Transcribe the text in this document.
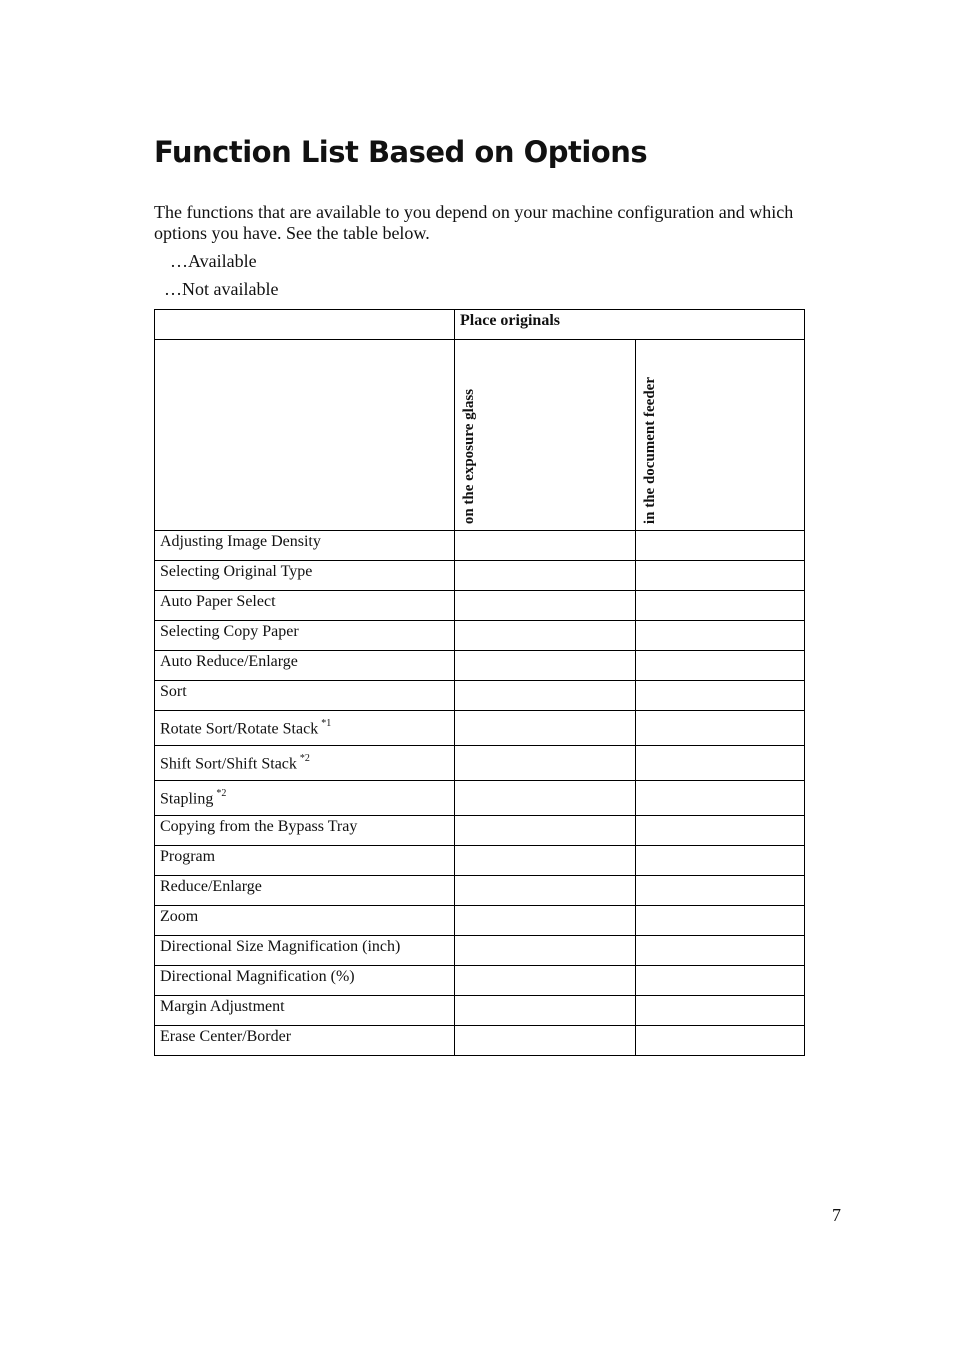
Function List Based on Options

The functions that are available to you depend on your machine configuration and which options you have. See the table below.

…Available

…Not available

	Place originals	

	on the exposure glass	in the document feeder

Adjusting Image Density		
Selecting Original Type		
Auto Paper Select		
Selecting Copy Paper		
Auto Reduce/Enlarge		
Sort		
Rotate Sort/Rotate Stack $^{*1}$		
Shift Sort/Shift Stack $^{*2}$		
Stapling $^{*2}$		
Copying from the Bypass Tray		
Program		
Reduce/Enlarge		
Zoom		
Directional Size Magnification (inch)		
Directional Magnification (%)		
Margin Adjustment		
Erase Center/Border		

7
